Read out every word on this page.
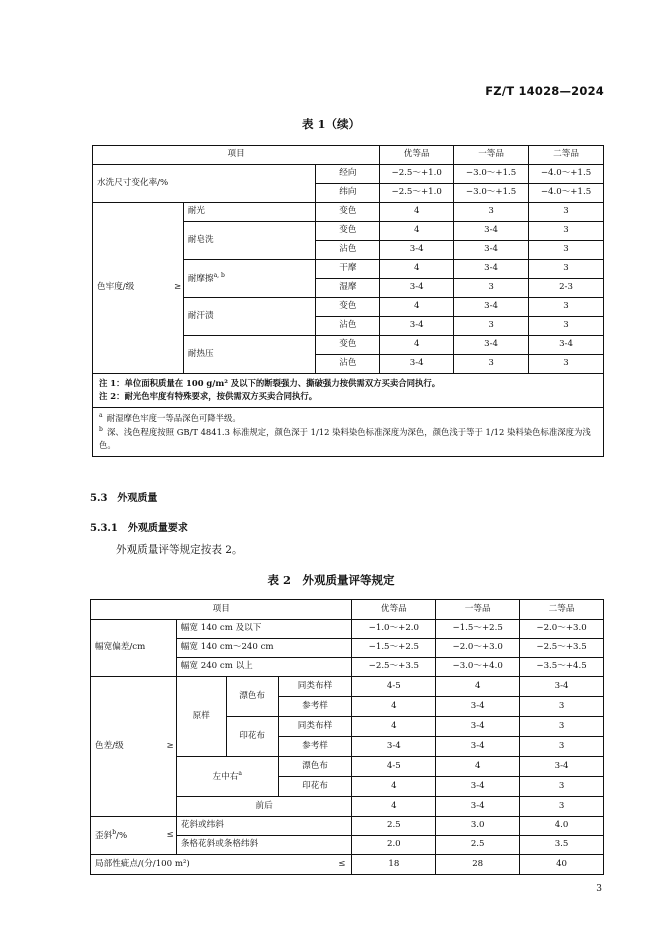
FZ/T 14028—2024
表 1（续）
项目				优等品	一等品	二等品
水洗尺寸变化率/%			经向	−2.5～+1.0	−3.0～+1.5	−4.0～+1.5
			纬向	−2.5～+1.0	−3.0～+1.5	−4.0～+1.5
色牢度/级	≥	耐光	变色	4	3	3
		耐皂洗	变色	4	3-4	3
			沾色	3-4	3-4	3
		耐摩擦$^{a, b}$	干摩	4	3-4	3
			湿摩	3-4	3	2-3
		耐汗渍	变色	4	3-4	3
			沾色	3-4	3	3
		耐热压	变色	4	3-4	3-4
			沾色	3-4	3	3

注 1：单位面积质量在 100 g/m² 及以下的断裂强力、撕破强力按供需双方买卖合同执行。
注 2：耐光色牢度有特殊要求，按供需双方买卖合同执行。						

$^a$  耐湿摩色牢度一等品深色可降半级。
$^b$  深、浅色程度按照 GB/T 4841.3 标准规定，颜色深于 1/12 染料染色标准深度为深色，颜色浅于等于 1/12 染料染色标准深度为浅色。						
5.3  外观质量
5.3.1  外观质量要求
外观质量评等规定按表 2。
表 2　外观质量评等规定
项目					优等品	一等品	二等品
幅宽偏差/cm		幅宽 140 cm 及以下			−1.0～+2.0	−1.5～+2.5	−2.0～+3.0
		幅宽 140 cm～240 cm			−1.5～+2.5	−2.0～+3.0	−2.5～+3.5
		幅宽 240 cm 以上			−2.5～+3.5	−3.0～+4.0	−3.5～+4.5
色差/级	≥	原样	漂色布	同类布样	4-5	4	3-4
				参考样	4	3-4	3
			印花布	同类布样	4	3-4	3
				参考样	3-4	3-4	3
		左中右$^a$		漂色布	4-5	4	3-4
				印花布	4	3-4	3
		前后			4	3-4	3
歪斜$^b$/%	≤	花斜或纬斜			2.5	3.0	4.0
		条格花斜或条格纬斜			2.0	2.5	3.5
局部性疵点/(分/100 m²)				≤	18	28	40
3
